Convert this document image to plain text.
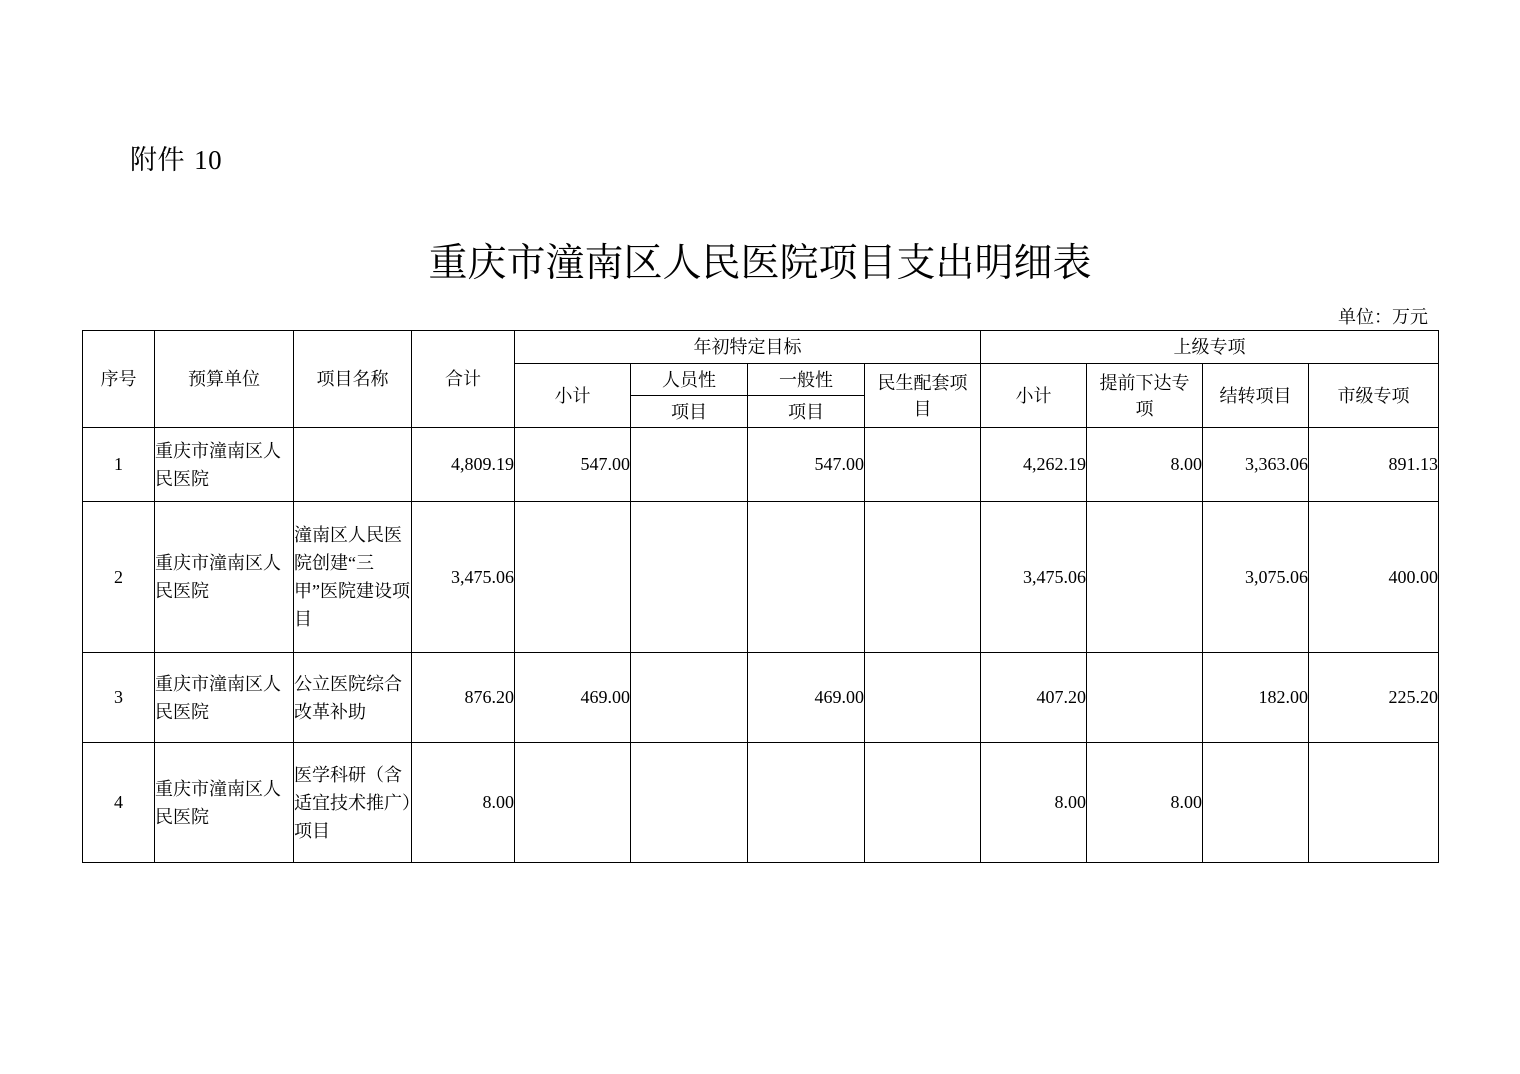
附件 10
重庆市潼南区人民医院项目支出明细表
单位：万元
序号	预算单位	项目名称	合计	年初特定目标				上级专项			
				小计	人员性	一般性	民生配套项目	小计	提前下达专项	结转项目	市级专项
					项目	项目					
1	重庆市潼南区人民医院		4,809.19	547.00		547.00		4,262.19	8.00	3,363.06	891.13
2	重庆市潼南区人民医院	潼南区人民医院创建“三甲”医院建设项目	3,475.06					3,475.06		3,075.06	400.00
3	重庆市潼南区人民医院	公立医院综合改革补助	876.20	469.00		469.00		407.20		182.00	225.20
4	重庆市潼南区人民医院	医学科研（含适宜技术推广）项目	8.00					8.00	8.00		
